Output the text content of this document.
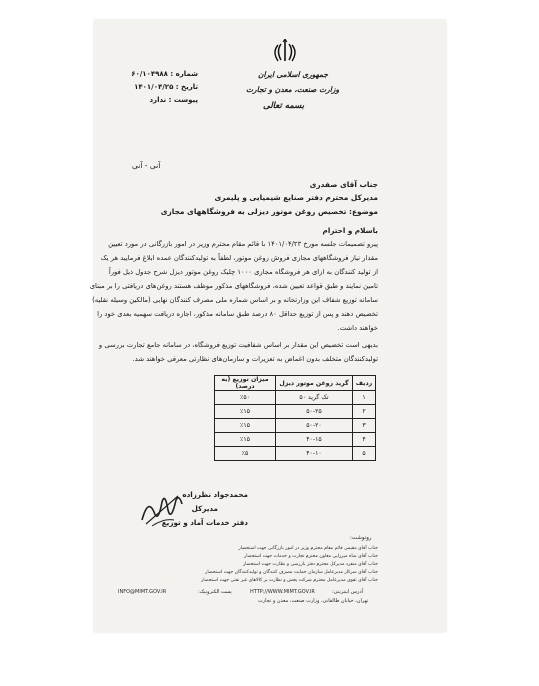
جمهوری اسلامی ایران
وزارت صنعت، معدن و تجارت
بسمه تعالی
شماره : ۶۰/۱۰۴۹۸۸
تاریخ : ۱۴۰۱/۰۴/۲۵
پیوست : ندارد
آنی - آنی
جناب آقای صفدری
مدیرکل محترم دفتر صنایع شیمیایی و پلیمری
موضوع: تخصیص روغن موتور دیزلی به فروشگاههای مجازی
باسلام و احترام
پیرو تصمیمات جلسه مورخ ۱۴۰۱/۰۴/۲۳ با قائم مقام محترم وزیر در امور بازرگانی در مورد تعیین
مقدار نیاز فروشگاههای مجازی فروش روغن موتور، لطفاً به تولیدکنندگان عمده ابلاغ فرمایید هر یک
از تولید کنندگان به ازای هر فروشگاه مجازی ۱۰۰۰ چلیک روغن موتور دیزل شرح جدول ذیل فوراً
تامین نمایند و طبق قواعد تعیین شده، فروشگاههای مذکور موظف هستند روغن‌های دریافتی را بر مبنای
سامانه توزیع شفاف این وزارتخانه و بر اساس شماره ملی مصرف کنندگان نهایی (مالکین وسیله نقلیه)
تخصیص دهند و پس از توزیع حداقل ۸۰ درصد طبق سامانه مذکور، اجازه دریافت سهمیه بعدی خود را
خواهند داشت.
بدیهی است تخصیص این مقدار بر اساس شفافیت توزیع فروشگاه، در سامانه جامع تجارت بررسی و
تولیدکنندگان متخلف بدون اغماض به تعزیرات و سازمان‌های نظارتی معرفی خواهند شد.
ردیف	گرید روغن موتور دیزل	میزان توزیع (به درصد)
۱	تک گرید ۵۰	٪۵۰
۲	۵۰-۲۵	٪۱۵
۳	۵۰-۲۰	٪۱۵
۴	۴۰-۱۵	٪۱۵
۵	۴۰-۱۰	٪۵
محمدجواد نظرزاده
مدیرکل
دفتر خدمات آماد و توزیع
رونوشت:
جناب آقای مقیمی قائم مقام محترم وزیر در امور بازرگانی جهت استحضار
جناب آقای شاه میرزایی معاون محترم تجارت و خدمات جهت استحضار
جناب آقای منفرد مدیرکل محترم دفتر بازرسی و نظارت جهت استحضار
جناب آقای سرکار مدیرعامل سازمان حمایت مصرف کنندگان و تولیدکنندگان جهت استحضار
جناب آقای تقوی مدیرعامل محترم شرکت پخش و نظارت بر کالاهای غیر نفتی جهت استحضار
INFO@MIMT.GOV.IR	پست الکترونیک:	HTTP://WWW.MIMT.GOV.IR	آدرس اینترنتی:
تهران، خیابان طالقانی، وزارت صنعت، معدن و تجارت
